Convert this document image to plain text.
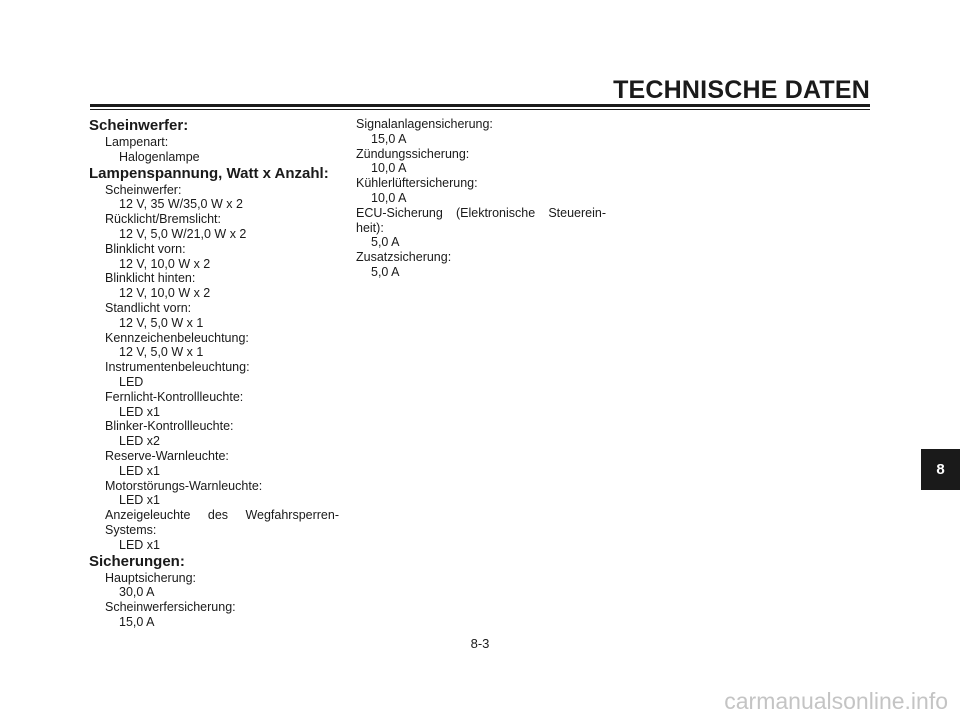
TECHNISCHE DATEN
Scheinwerfer:
Lampenart:
Halogenlampe
Lampenspannung, Watt x Anzahl:
Scheinwerfer:
12 V, 35 W/35,0 W x 2
Rücklicht/Bremslicht:
12 V, 5,0 W/21,0 W x 2
Blinklicht vorn:
12 V, 10,0 W x 2
Blinklicht hinten:
12 V, 10,0 W x 2
Standlicht vorn:
12 V, 5,0 W x 1
Kennzeichenbeleuchtung:
12 V, 5,0 W x 1
Instrumentenbeleuchtung:
LED
Fernlicht-Kontrollleuchte:
LED x1
Blinker-Kontrollleuchte:
LED x2
Reserve-Warnleuchte:
LED x1
Motorstörungs-Warnleuchte:
LED x1
Anzeigeleuchte des Wegfahrsperren-
Systems:
LED x1
Sicherungen:
Hauptsicherung:
30,0 A
Scheinwerfersicherung:
15,0 A
Signalanlagensicherung:
15,0 A
Zündungssicherung:
10,0 A
Kühlerlüftersicherung:
10,0 A
ECU-Sicherung (Elektronische Steuerein-
heit):
5,0 A
Zusatzsicherung:
5,0 A
8
8-3
carmanualsonline.info
